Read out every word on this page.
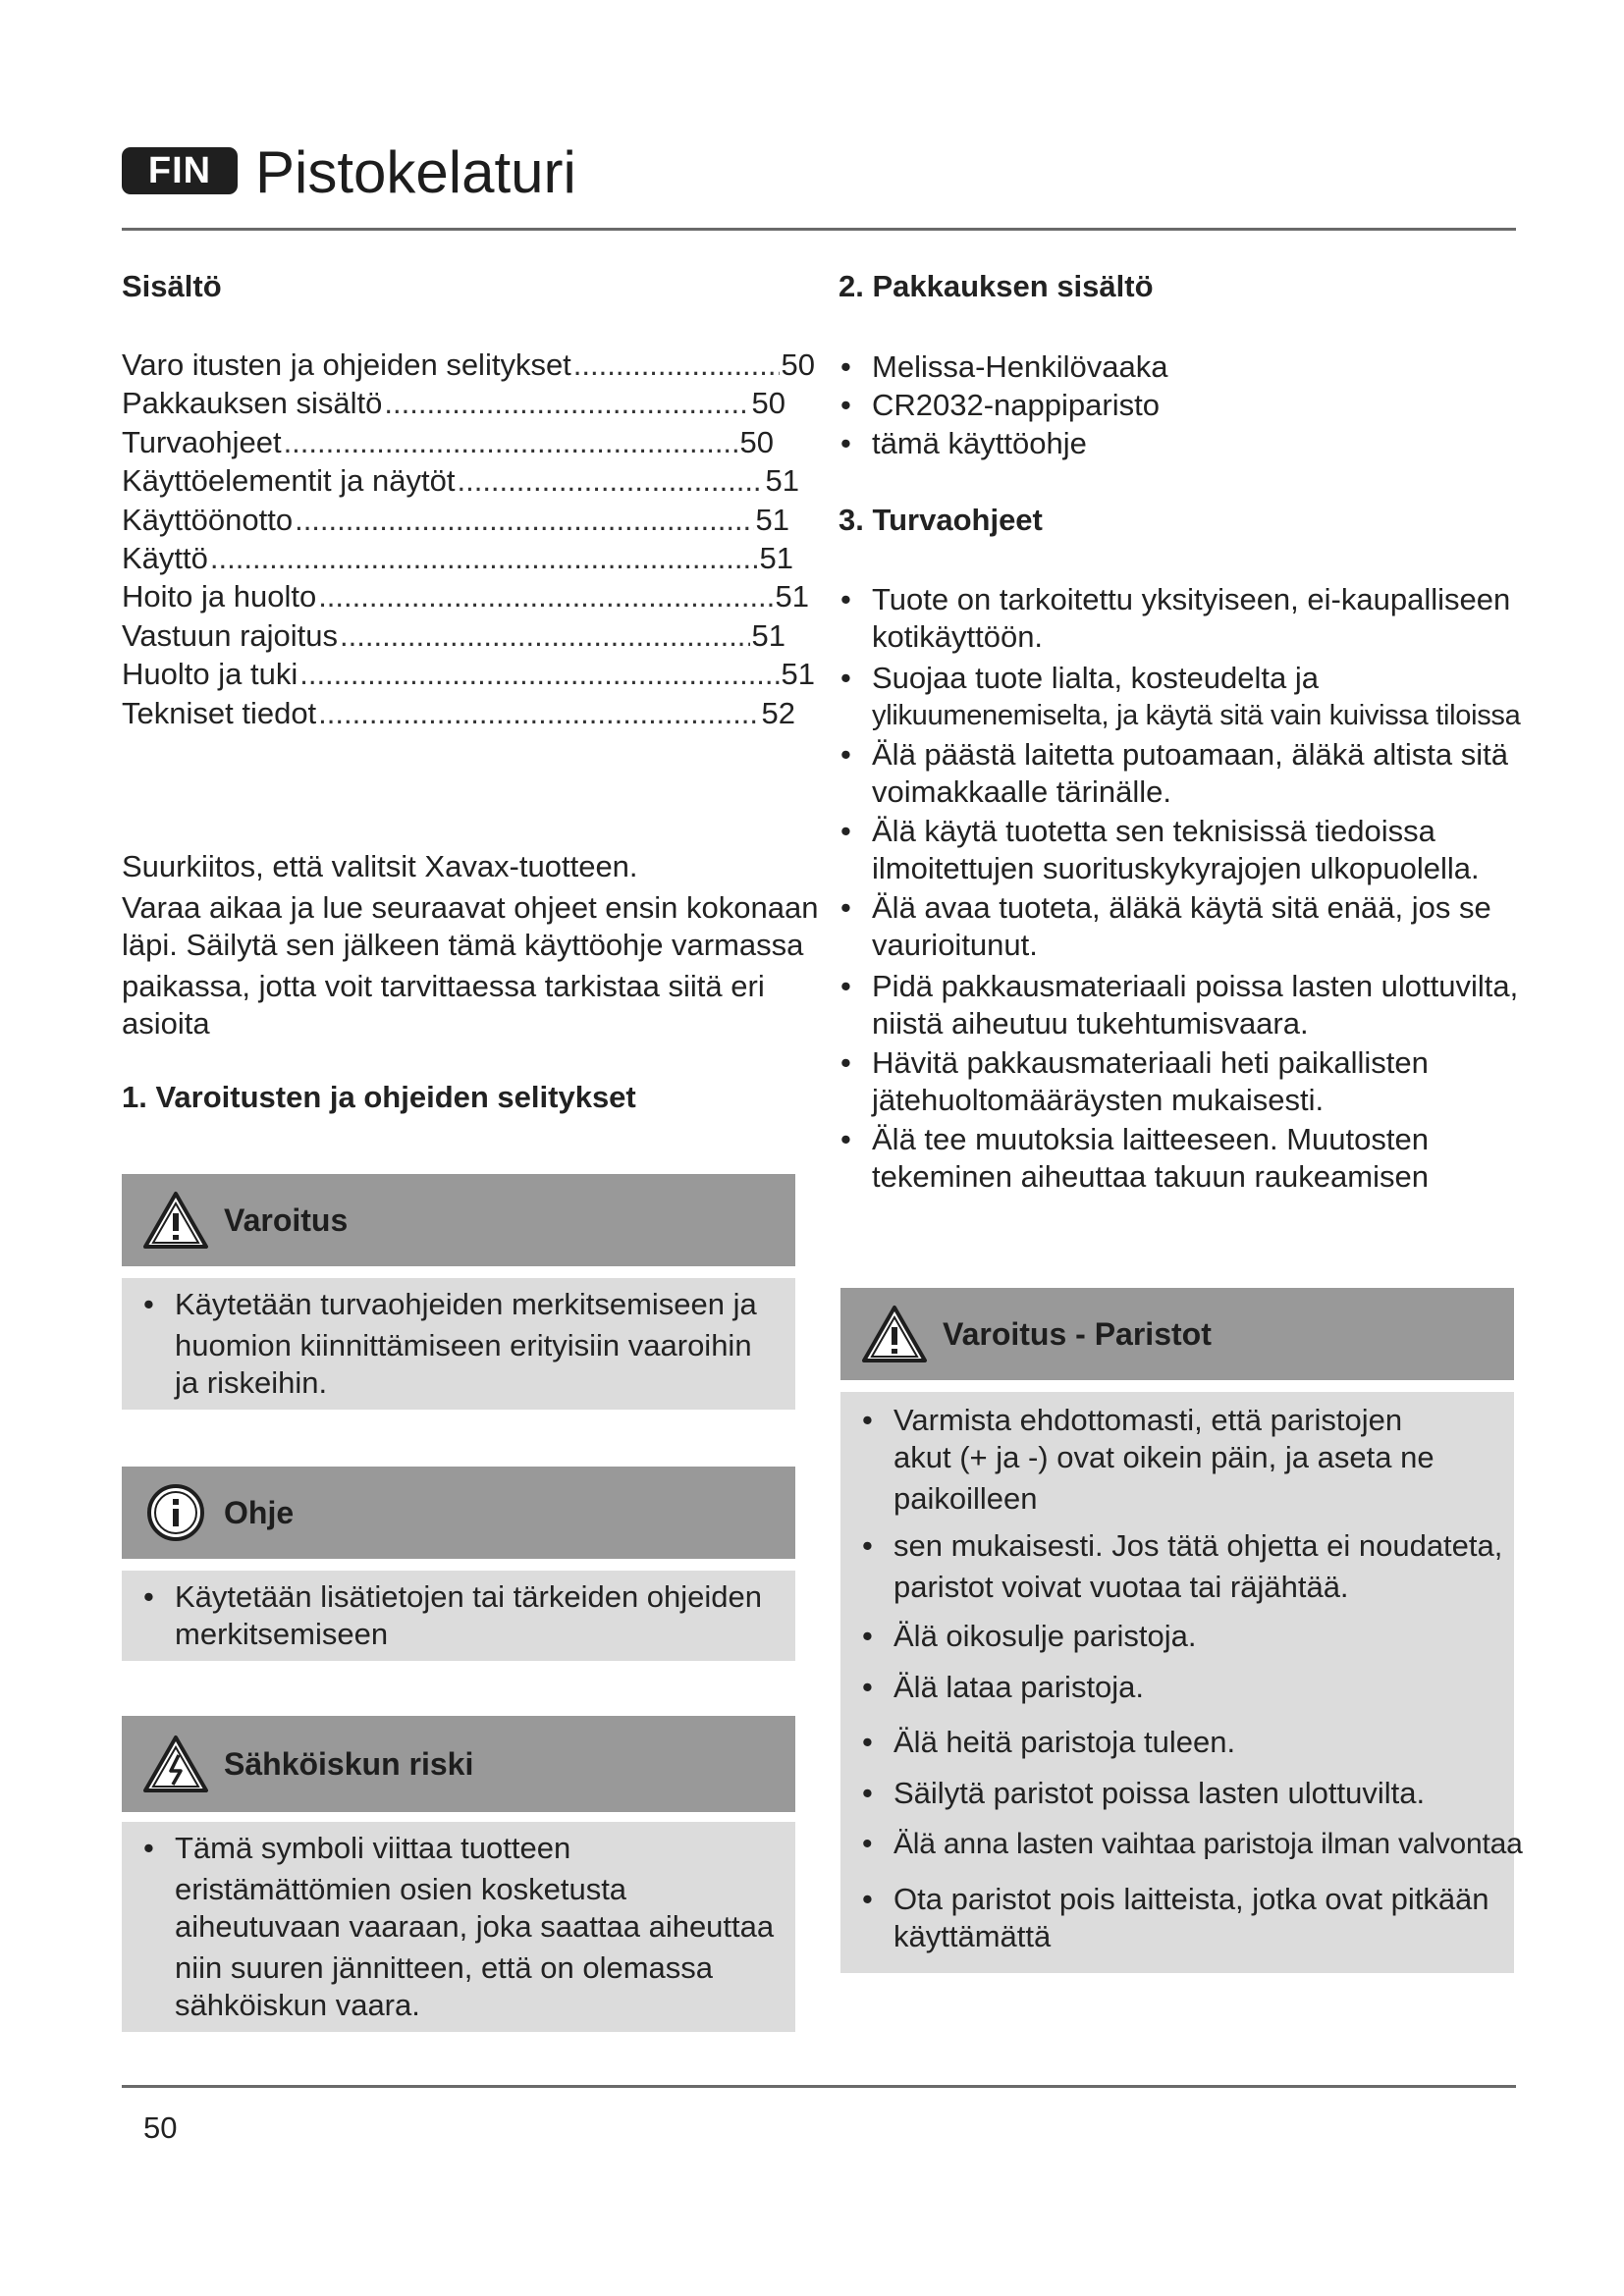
FIN Pistokelaturi
Sisältö
Varo itusten ja ohjeiden selitykset .....	50
Pakkauksen sisältö .....	50
Turvaohjeet .....	50
Käyttöelementit ja näytöt .....	51
Käyttöönotto .....	51
Käyttö .....	51
Hoito ja huolto .....	51
Vastuun rajoitus .....	51
Huolto ja tuki .....	51
Tekniset tiedot .....	52
Suurkiitos, että valitsit Xavax-tuotteen.
Varaa aikaa ja lue seuraavat ohjeet ensin kokonaan
läpi. Säilytä sen jälkeen tämä käyttöohje varmassa
paikassa, jotta voit tarvittaessa tarkistaa siitä eri
asioita
1. Varoitusten ja ohjeiden selitykset
Varoitus
• Käytetään turvaohjeiden merkitsemiseen ja
huomion kiinnittämiseen erityisiin vaaroihin
ja riskeihin.
Ohje
• Käytetään lisätietojen tai tärkeiden ohjeiden
merkitsemiseen
Sähköiskun riski
• Tämä symboli viittaa tuotteen
eristämättömien osien kosketusta
aiheutuvaan vaaraan, joka saattaa aiheuttaa
niin suuren jännitteen, että on olemassa
sähköiskun vaara.
2. Pakkauksen sisältö
• Melissa-Henkilövaaka
• CR2032-nappiparisto
• tämä käyttöohje
3. Turvaohjeet
• Tuote on tarkoitettu yksityiseen, ei-kaupalliseen
kotikäyttöön.
• Suojaa tuote lialta, kosteudelta ja
ylikuumenemiselta, ja käytä sitä vain kuivissa tiloissa
• Älä päästä laitetta putoamaan, äläkä altista sitä
voimakkaalle tärinälle.
• Älä käytä tuotetta sen teknisissä tiedoissa
ilmoitettujen suorituskykyrajojen ulkopuolella.
• Älä avaa tuoteta, äläkä käytä sitä enää, jos se
vaurioitunut.
• Pidä pakkausmateriaali poissa lasten ulottuvilta,
niistä aiheutuu tukehtumisvaara.
• Hävitä pakkausmateriaali heti paikallisten
jätehuoltomääräysten mukaisesti.
• Älä tee muutoksia laitteeseen. Muutosten
tekeminen aiheuttaa takuun raukeamisen
Varoitus - Paristot
• Varmista ehdottomasti, että paristojen
akut (+ ja -) ovat oikein päin, ja aseta ne
paikoilleen
• sen mukaisesti. Jos tätä ohjetta ei noudateta,
paristot voivat vuotaa tai räjähtää.
• Älä oikosulje paristoja.
• Älä lataa paristoja.
• Älä heitä paristoja tuleen.
• Säilytä paristot poissa lasten ulottuvilta.
• Älä anna lasten vaihtaa paristoja ilman valvontaa
• Ota paristot pois laitteista, jotka ovat pitkään
käyttämättä
50
